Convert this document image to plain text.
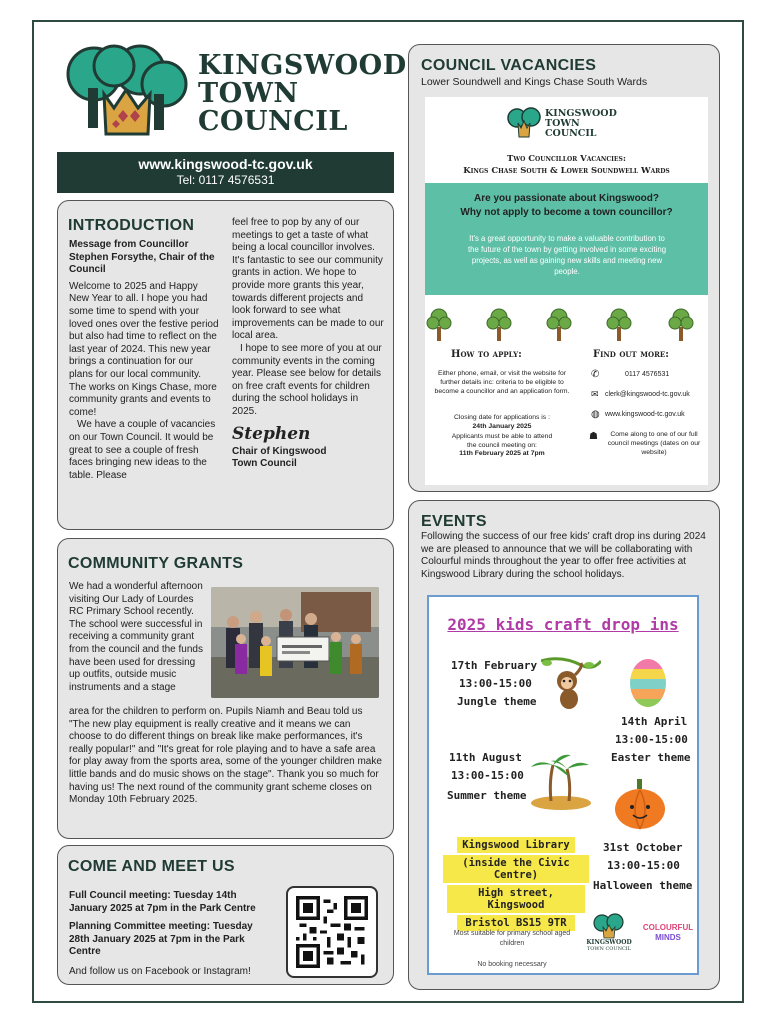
KINGSWOOD
TOWN
COUNCIL
www.kingswood-tc.gov.uk
Tel: 0117 4576531
INTRODUCTION
Message from Councillor Stephen Forsythe, Chair of the Council
Welcome to 2025 and Happy New Year to all. I hope you had some time to spend with your loved ones over the festive period but also had time to reflect on the last year of 2024. This new year brings a continuation for our plans for our local community. The works on Kings Chase, more community grants and events to come!
We have a couple of vacancies on our Town Council. It would be great to see a couple of fresh faces bringing new ideas to the table. Please
feel free to pop by any of our meetings to get a taste of what being a local councillor involves. It's fantastic to see our community grants in action. We hope to provide more grants this year, towards different projects and look forward to see what improvements can be made to our local area.
I hope to see more of you at our community events in the coming year. Please see below for details on free craft events for children during the school holidays in 2025.
Stephen
Chair of Kingswood Town Council
COMMUNITY GRANTS
We had a wonderful afternoon visiting Our Lady of Lourdes RC Primary School recently. The school were successful in receiving a community grant from the council and the funds have been used for dressing up outfits, outside music instruments and a stage
area for the children to perform on. Pupils Niamh and Beau told us "The new play equipment is really creative and it means we can choose to do different things on break like make performances, it's really popular!" and "It's great for role playing and to have a safe area for play away from the sports area, some of the younger children make little bands and do music shows on the stage". Thank you so much for having us! The next round of the community grant scheme closes on Monday 10th February 2025.
COME AND MEET US
Full Council meeting: Tuesday 14th January 2025 at 7pm in the Park Centre
Planning Committee meeting: Tuesday 28th January 2025 at 7pm in the Park Centre
And follow us on Facebook or Instagram!
COUNCIL VACANCIES
Lower Soundwell and Kings Chase South Wards
KINGSWOOD
TOWN
COUNCIL
Two Councillor Vacancies:
Kings Chase South & Lower Soundwell Wards
Are you passionate about Kingswood?
Why not apply to become a town councillor?
It's a great opportunity to make a valuable contribution to the future of the town by getting involved in some exciting projects, as well as gaining new skills and meeting new people.
How to apply:
Either phone, email, or visit the website for further details inc: criteria to be eligible to become a councillor and an application form.
Closing date for applications is :
24th January 2025
Applicants must be able to attend the council meeting on:
11th February 2025 at 7pm
Find out more:
✆	0117 4576531
✉ clerk@kingswood-tc.gov.uk
◍ www.kingswood-tc.gov.uk
☗	Come along to one of our full council meetings (dates on our website)
EVENTS
Following the success of our free kids' craft drop ins during 2024 we are pleased to announce that we will be collaborating with Colourful minds throughout the year to offer free activities at Kingswood Library during the school holidays.
2025 kids craft drop ins
17th February
13:00-15:00
Jungle theme
14th April
13:00-15:00
Easter theme
11th August
13:00-15:00
Summer theme
31st October
13:00-15:00
Halloween theme
Kingswood Library
(inside the Civic Centre)
High street, Kingswood
Bristol BS15 9TR
Most suitable for primary school aged children
No booking necessary
KINGSWOOD
TOWN COUNCIL
COLOURFUL
MINDS
